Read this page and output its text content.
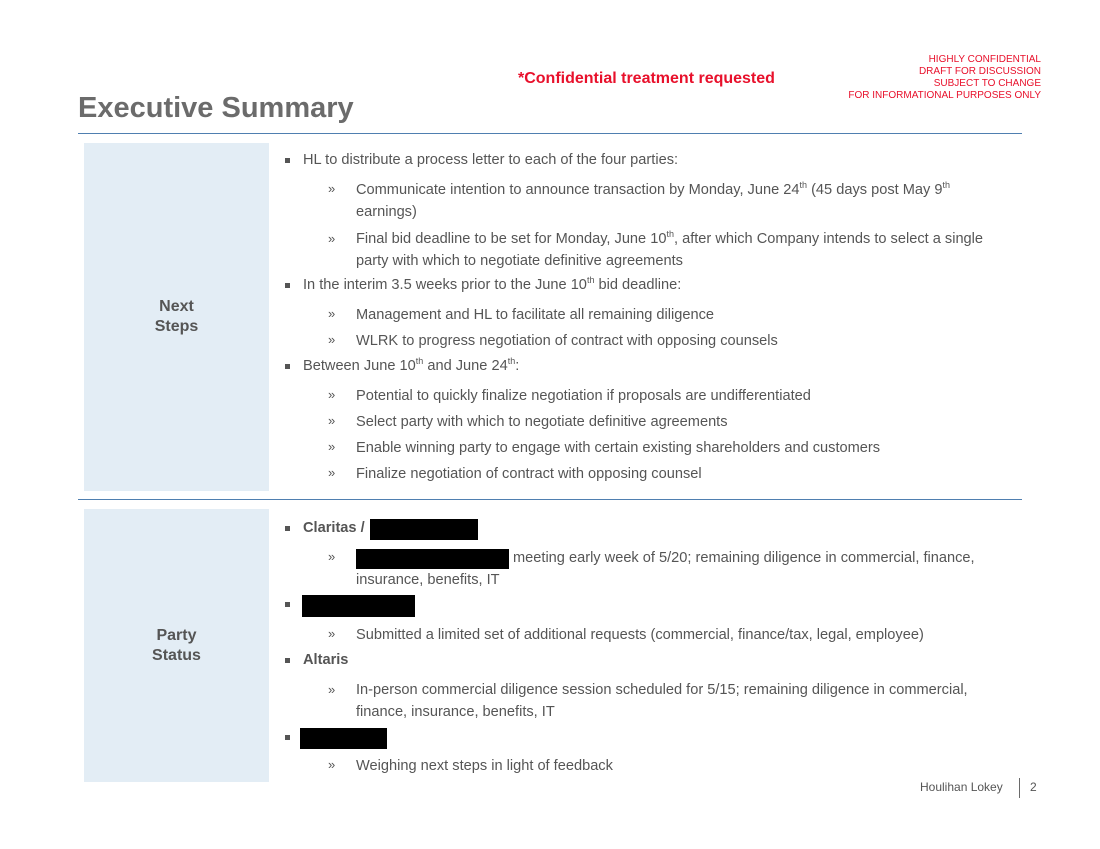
*Confidential treatment requested
HIGHLY CONFIDENTIAL
DRAFT FOR DISCUSSION
SUBJECT TO CHANGE
FOR INFORMATIONAL PURPOSES ONLY
Executive Summary
Next
Steps
HL to distribute a process letter to each of the four parties:
» Communicate intention to announce transaction by Monday, June 24th (45 days post May 9th
earnings)
» Final bid deadline to be set for Monday, June 10th, after which Company intends to select a single
party with which to negotiate definitive agreements
In the interim 3.5 weeks prior to the June 10th bid deadline:
» Management and HL to facilitate all remaining diligence
» WLRK to progress negotiation of contract with opposing counsels
Between June 10th and June 24th:
» Potential to quickly finalize negotiation if proposals are undifferentiated
» Select party with which to negotiate definitive agreements
» Enable winning party to engage with certain existing shareholders and customers
» Finalize negotiation of contract with opposing counsel
Party
Status
Claritas /
»	meeting early week of 5/20; remaining diligence in commercial, finance,
insurance, benefits, IT
» Submitted a limited set of additional requests (commercial, finance/tax, legal, employee)
Altaris
» In-person commercial diligence session scheduled for 5/15; remaining diligence in commercial,
finance, insurance, benefits, IT
» Weighing next steps in light of feedback
Houlihan Lokey 2
